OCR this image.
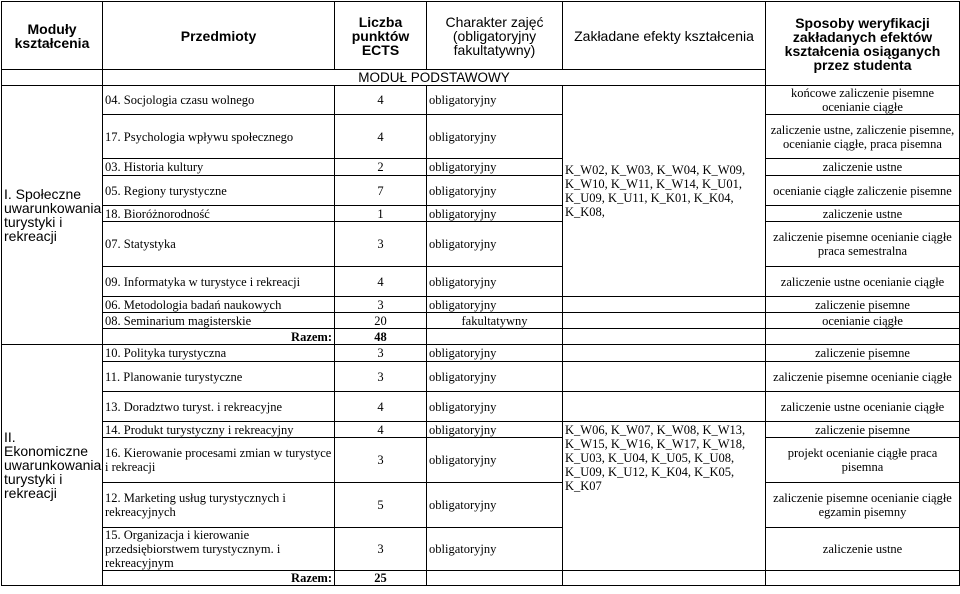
Moduły kształcenia	Przedmioty	Liczba punktów ECTS	Charakter zajęć (obligatoryjny fakultatywny)	Zakładane efekty kształcenia	Sposoby weryfikacji zakładanych efektów kształcenia osiąganych przez studenta
	MODUŁ PODSTAWOWY				
I. Społeczne uwarunkowania turystyki i rekreacji	04. Socjologia czasu wolnego	4	obligatoryjny	K_W02, K_W03, K_W04, K_W09, K_W10, K_W11, K_W14, K_U01, K_U09, K_U11, K_K01, K_K04, K_K08,	końcowe zaliczenie pisemne ocenianie ciągłe
	17. Psychologia wpływu społecznego	4	obligatoryjny		zaliczenie ustne, zaliczenie pisemne, ocenianie ciągłe, praca pisemna
	03. Historia kultury	2	obligatoryjny		zaliczenie ustne
	05. Regiony turystyczne	7	obligatoryjny		ocenianie ciągłe zaliczenie pisemne
	18. Bioróżnorodność	1	obligatoryjny		zaliczenie ustne
	07. Statystyka	3	obligatoryjny		zaliczenie pisemne ocenianie ciągłe praca semestralna
	09. Informatyka w turystyce i rekreacji	4	obligatoryjny		zaliczenie ustne ocenianie ciągłe
	06. Metodologia badań naukowych	3	obligatoryjny		zaliczenie pisemne
	08. Seminarium magisterskie	20	fakultatywny		ocenianie ciągłe
	Razem:	48			
II. Ekonomiczne uwarunkowania turystyki i rekreacji	10. Polityka turystyczna	3	obligatoryjny		zaliczenie pisemne
	11. Planowanie turystyczne	3	obligatoryjny		zaliczenie pisemne ocenianie ciągłe
	13. Doradztwo turyst. i rekreacyjne	4	obligatoryjny		zaliczenie ustne ocenianie ciągłe
	14. Produkt turystyczny i rekreacyjny	4	obligatoryjny	K_W06, K_W07, K_W08, K_W13, K_W15, K_W16, K_W17, K_W18, K_U03, K_U04, K_U05, K_U08, K_U09, K_U12, K_K04, K_K05, K_K07	zaliczenie pisemne
	16. Kierowanie procesami zmian w turystyce i rekreacji	3	obligatoryjny		projekt ocenianie ciągłe praca pisemna
	12. Marketing usług turystycznych i rekreacyjnych	5	obligatoryjny		zaliczenie pisemne ocenianie ciągłe egzamin pisemny
	15. Organizacja i kierowanie przedsiębiorstwem turystycznym. i rekreacyjnym	3	obligatoryjny		zaliczenie ustne
	Razem:	25			
